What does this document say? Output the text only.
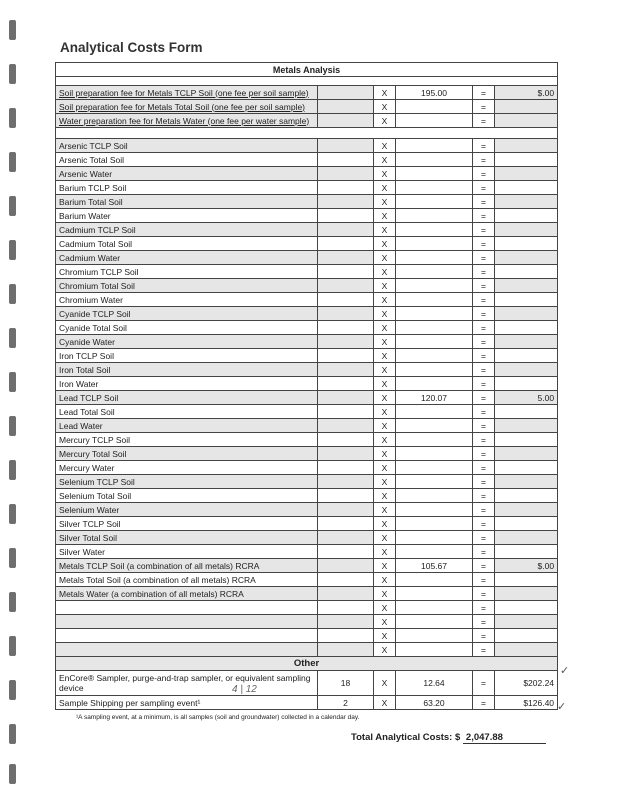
Analytical Costs Form
Metals Analysis					

Soil preparation fee for Metals TCLP Soil (one fee per soil sample)		X	195.00	=	$.00
Soil preparation fee for Metals Total Soil (one fee per soil sample)		X		=	
Water preparation fee for Metals Water (one fee per water sample)		X		=	

Arsenic TCLP Soil		X		=	
Arsenic Total Soil		X		=	
Arsenic Water		X		=	
Barium TCLP Soil		X		=	
Barium Total Soil		X		=	
Barium Water		X		=	
Cadmium TCLP Soil		X		=	
Cadmium Total Soil		X		=	
Cadmium Water		X		=	
Chromium TCLP Soil		X		=	
Chromium Total Soil		X		=	
Chromium Water		X		=	
Cyanide TCLP Soil		X		=	
Cyanide Total Soil		X		=	
Cyanide Water		X		=	
Iron TCLP Soil		X		=	
Iron Total Soil		X		=	
Iron Water		X		=	
Lead TCLP Soil		X	120.07	=	5.00
Lead Total Soil		X		=	
Lead Water		X		=	
Mercury TCLP Soil		X		=	
Mercury Total Soil		X		=	
Mercury Water		X		=	
Selenium TCLP Soil		X		=	
Selenium Total Soil		X		=	
Selenium Water		X		=	
Silver TCLP Soil		X		=	
Silver Total Soil		X		=	
Silver Water		X		=	
Metals TCLP Soil (a combination of all metals) RCRA		X	105.67	=	$.00
Metals Total Soil (a combination of all metals) RCRA		X		=	
Metals Water (a combination of all metals) RCRA		X		=	
		X		=	
		X		=	
		X		=	
		X		=	
Other					
EnCore® Sampler, purge-and-trap sampler, or equivalent sampling device	18	X	12.64	=	$202.24
Sample Shipping per sampling event¹	2	X	63.20	=	$126.40
¹A sampling event, at a minimum, is all samples (soil and groundwater) collected in a calendar day.
Total Analytical Costs: $ 2,047.88
✓
✓
4 | 12
